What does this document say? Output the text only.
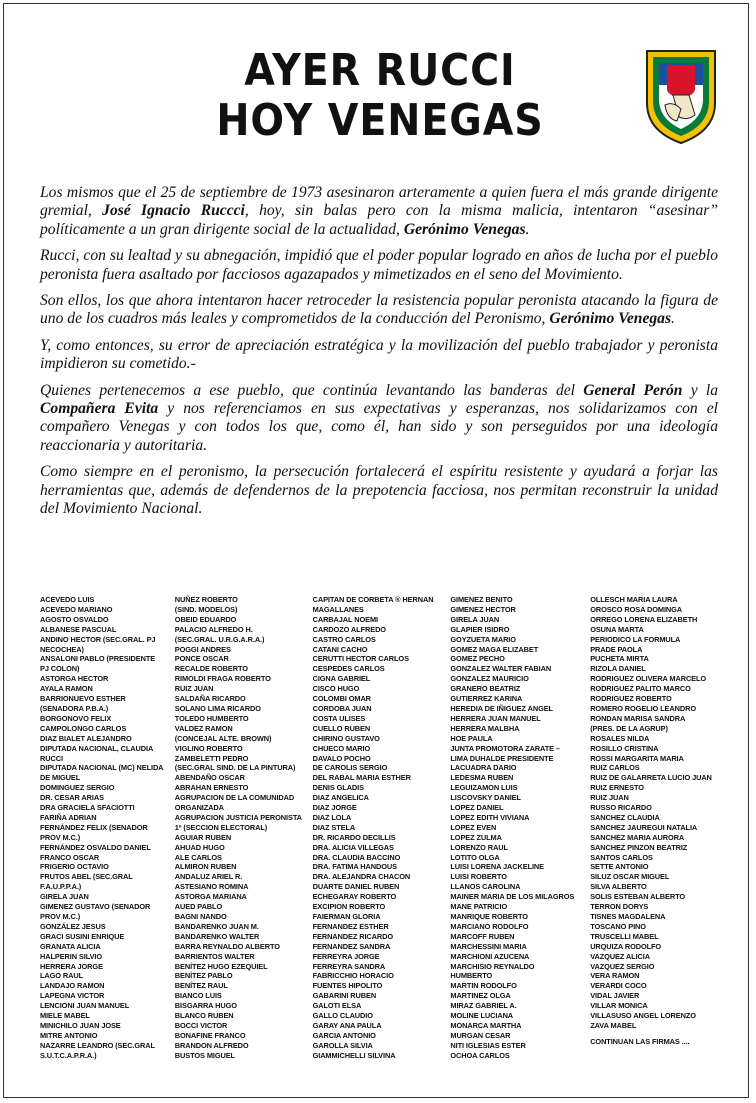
AYER RUCCI
HOY VENEGAS

Los mismos que el 25 de septiembre de 1973 asesinaron arteramente a quien fuera el más grande dirigente gremial, José Ignacio Ruccci, hoy, sin balas pero con la misma malicia, intentaron “asesinar” políticamente a un gran dirigente social de la actualidad, Gerónimo Venegas.

Rucci, con su lealtad y su abnegación, impidió que el poder popular logrado en años de lucha por el pueblo peronista fuera asaltado por facciosos agazapados y mimetizados en el seno del Movimiento.

Son ellos, los que ahora intentaron hacer retroceder la resistencia popular peronista atacando la figura de uno de los cuadros más leales y comprometidos de la conducción del Peronismo, Gerónimo Venegas.

Y, como entonces, su error de apreciación estratégica y la movilización del pueblo trabajador y peronista impidieron su cometido.-

Quienes pertenecemos a ese pueblo, que continúa levantando las banderas del General Perón y la Compañera Evita y nos referenciamos en sus expectativas y esperanzas, nos solidarizamos con el compañero Venegas y con todos los que, como él, han sido y son perseguidos por una ideología reaccionaria y autoritaria.

Como siempre en el peronismo, la persecución fortalecerá el espíritu resistente y ayudará a forjar las herramientas que, además de defendernos de la prepotencia facciosa, nos permitan reconstruir la unidad del Movimiento Nacional.

ACEVEDO LUIS
ACEVEDO MARIANO
AGOSTO OSVALDO
ALBANESE PASCUAL
ANDINO HECTOR (SEC.GRAL. PJ
NECOCHEA)
ANSALONI PABLO (PRESIDENTE
PJ COLON)
ASTORGA HECTOR
AYALA RAMON
BARRIONUEVO ESTHER
(SENADORA P.B.A.)
BORGONOVO FELIX
CAMPOLONGO CARLOS
DIAZ BIALET ALEJANDRO
DIPUTADA NACIONAL, CLAUDIA
RUCCI
DIPUTADA NACIONAL (MC) NELIDA
DE MIGUEL
DOMINGUEZ SERGIO
DR. CESAR ARIAS
DRA GRACIELA SFACIOTTI
FARIÑA ADRIAN
FERNÁNDEZ FELIX (SENADOR
PROV M.C.)
FERNÁNDEZ OSVALDO DANIEL
FRANCO OSCAR
FRIGERIO OCTAVIO
FRUTOS ABEL (SEC.GRAL
F.A.U.P.P.A.)
GIRELA JUAN
GIMENEZ GUSTAVO (SENADOR
PROV M.C.)
GONZÁLEZ JESUS
GRACI SUSINI ENRIQUE
GRANATA ALICIA
HALPERIN SILVIO
HERRERA JORGE
LAGO RAUL
LANDAJO RAMON
LAPEGNA VICTOR
LENCIONI JUAN MANUEL
MIELE MABEL
MINICHILO JUAN JOSE
MITRE ANTONIO
NAZARRE LEANDRO (SEC.GRAL
S.U.T.C.A.P.R.A.)
NUÑEZ ROBERTO
(SIND. MODELOS)
OBEID EDUARDO
PALACIO ALFREDO H.
(SEC.GRAL. U.R.G.A.R.A.)
POGGI ANDRES
PONCE OSCAR
RECALDE ROBERTO
RIMOLDI FRAGA ROBERTO
RUIZ JUAN
SALDAÑA RICARDO
SOLANO LIMA RICARDO
TOLEDO HUMBERTO
VALDEZ RAMON
(CONCEJAL ALTE. BROWN)
VIGLINO ROBERTO
ZAMBELETTI PEDRO
(SEC.GRAL SIND. DE LA PINTURA)
ABENDAÑO OSCAR
ABRAHAN ERNESTO
AGRUPACION DE LA COMUNIDAD
ORGANIZADA
AGRUPACION JUSTICIA PERONISTA
1º (SECCION ELECTORAL)
AGUIAR RUBEN
AHUAD HUGO
ALE CARLOS
ALMIRON RUBEN
ANDALUZ ARIEL R.
ASTESIANO ROMINA
ASTORGA MARIANA
AUED PABLO
BAGNI NANDO
BANDARENKO JUAN M.
BANDARENKO WALTER
BARRA REYNALDO ALBERTO
BARRIENTOS WALTER
BENÍTEZ HUGO EZEQUIEL
BENÍTEZ PABLO
BENÍTEZ RAUL
BIANCO LUIS
BISGARRA HUGO
BLANCO RUBEN
BOCCI VICTOR
BONAFINE FRANCO
BRANDON ALFREDO
BUSTOS MIGUEL
CAPITAN DE CORBETA ® HERNAN
MAGALLANES
CARBAJAL NOEMI
CARDOZO ALFREDO
CASTRO CARLOS
CATANI CACHO
CERUTTI HECTOR CARLOS
CESPEDES CARLOS
CIGNA GABRIEL
CISCO HUGO
COLOMBI OMAR
CORDOBA JUAN
COSTA ULISES
CUELLO RUBEN
CHIRINO GUSTAVO
CHUECO MARIO
DAVALO POCHO
DE CAROLIS SERGIO
DEL RABAL MARIA ESTHER
DENIS GLADIS
DIAZ ANGELICA
DIAZ JORGE
DIAZ LOLA
DIAZ STELA
DR. RICARDO DECILLIS
DRA. ALICIA VILLEGAS
DRA. CLAUDIA BACCINO
DRA. FATIMA HANDOUS
DRA. ALEJANDRA CHACON
DUARTE DANIEL RUBEN
ECHEGARAY ROBERTO
EXCIPION ROBERTO
FAIERMAN GLORIA
FERNANDEZ ESTHER
FERNANDEZ RICARDO
FERNANDEZ SANDRA
FERREYRA JORGE
FERREYRA SANDRA
FABRICCHIO HORACIO
FUENTES HIPOLITO
GABARINI RUBEN
GALOTI ELSA
GALLO CLAUDIO
GARAY ANA PAULA
GARCIA ANTONIO
GAROLLA SILVIA
GIAMMICHELLI SILVINA
GIMENEZ BENITO
GIMENEZ HECTOR
GIRELA JUAN
GLAPIER ISIDRO
GOYZUETA MARIO
GOMEZ MAGA ELIZABET
GOMEZ PECHO
GONZALEZ WALTER FABIAN
GONZALEZ MAURICIO
GRANERO BEATRIZ
GUTIERREZ KARINA
HEREDIA DE IÑIGUEZ ANGEL
HERRERA JUAN MANUEL
HERRERA MALBHA
HOE PAULA
JUNTA PROMOTORA ZARATE –
LIMA DUHALDE PRESIDENTE
LACUADRA DARIO
LEDESMA RUBEN
LEGUIZAMON LUIS
LISCOVSKY DANIEL
LOPEZ DANIEL
LOPEZ EDITH VIVIANA
LOPEZ EVEN
LOPEZ ZULMA
LORENZO RAUL
LOTITO OLGA
LUISI LORENA JACKELINE
LUISI ROBERTO
LLANOS CAROLINA
MAINER MARIA DE LOS MILAGROS
MANE PATRICIO
MANRIQUE ROBERTO
MARCIANO RODOLFO
MARCOFF RUBEN
MARCHESSINI MARIA
MARCHIONI AZUCENA
MARCHISIO REYNALDO
HUMBERTO
MARTIN RODOLFO
MARTINEZ OLGA
MIRAZ GABRIEL A.
MOLINE LUCIANA
MONARCA MARTHA
MURGAN CESAR
NITI IGLESIAS ESTER
OCHOA CARLOS
OLLESCH MARIA LAURA
OROSCO ROSA DOMINGA
ORREGO LORENA ELIZABETH
OSUNA MARTA
PERIODICO LA FORMULA
PRADE PAOLA
PUCHETA MIRTA
RIZOLA DANIEL
RODRIGUEZ OLIVERA MARCELO
RODRIGUEZ PALITO MARCO
RODRIGUEZ ROBERTO
ROMERO ROGELIO LEANDRO
RONDAN MARISA SANDRA
(PRES. DE LA AGRUP)
ROSALES NILDA
ROSILLO CRISTINA
ROSSI MARGARITA MARIA
RUIZ CARLOS
RUIZ DE GALARRETA LUCIO JUAN
RUIZ ERNESTO
RUIZ JUAN
RUSSO RICARDO
SANCHEZ CLAUDIA
SANCHEZ JAUREGUI NATALIA
SANCHEZ MARIA AURORA
SANCHEZ PINZON BEATRIZ
SANTOS CARLOS
SETTE ANTONIO
SILUZ OSCAR MIGUEL
SILVA ALBERTO
SOLIS ESTEBAN ALBERTO
TERRON DORYS
TISNES MAGDALENA
TOSCANO PINO
TRUSCELLI MABEL
URQUIZA RODOLFO
VAZQUEZ ALICIA
VAZQUEZ SERGIO
VERA RAMON
VERARDI COCO
VIDAL JAVIER
VILLAR MONICA
VILLASUSO ANGEL LORENZO
ZAVA MABEL
CONTINUAN LAS FIRMAS ....
